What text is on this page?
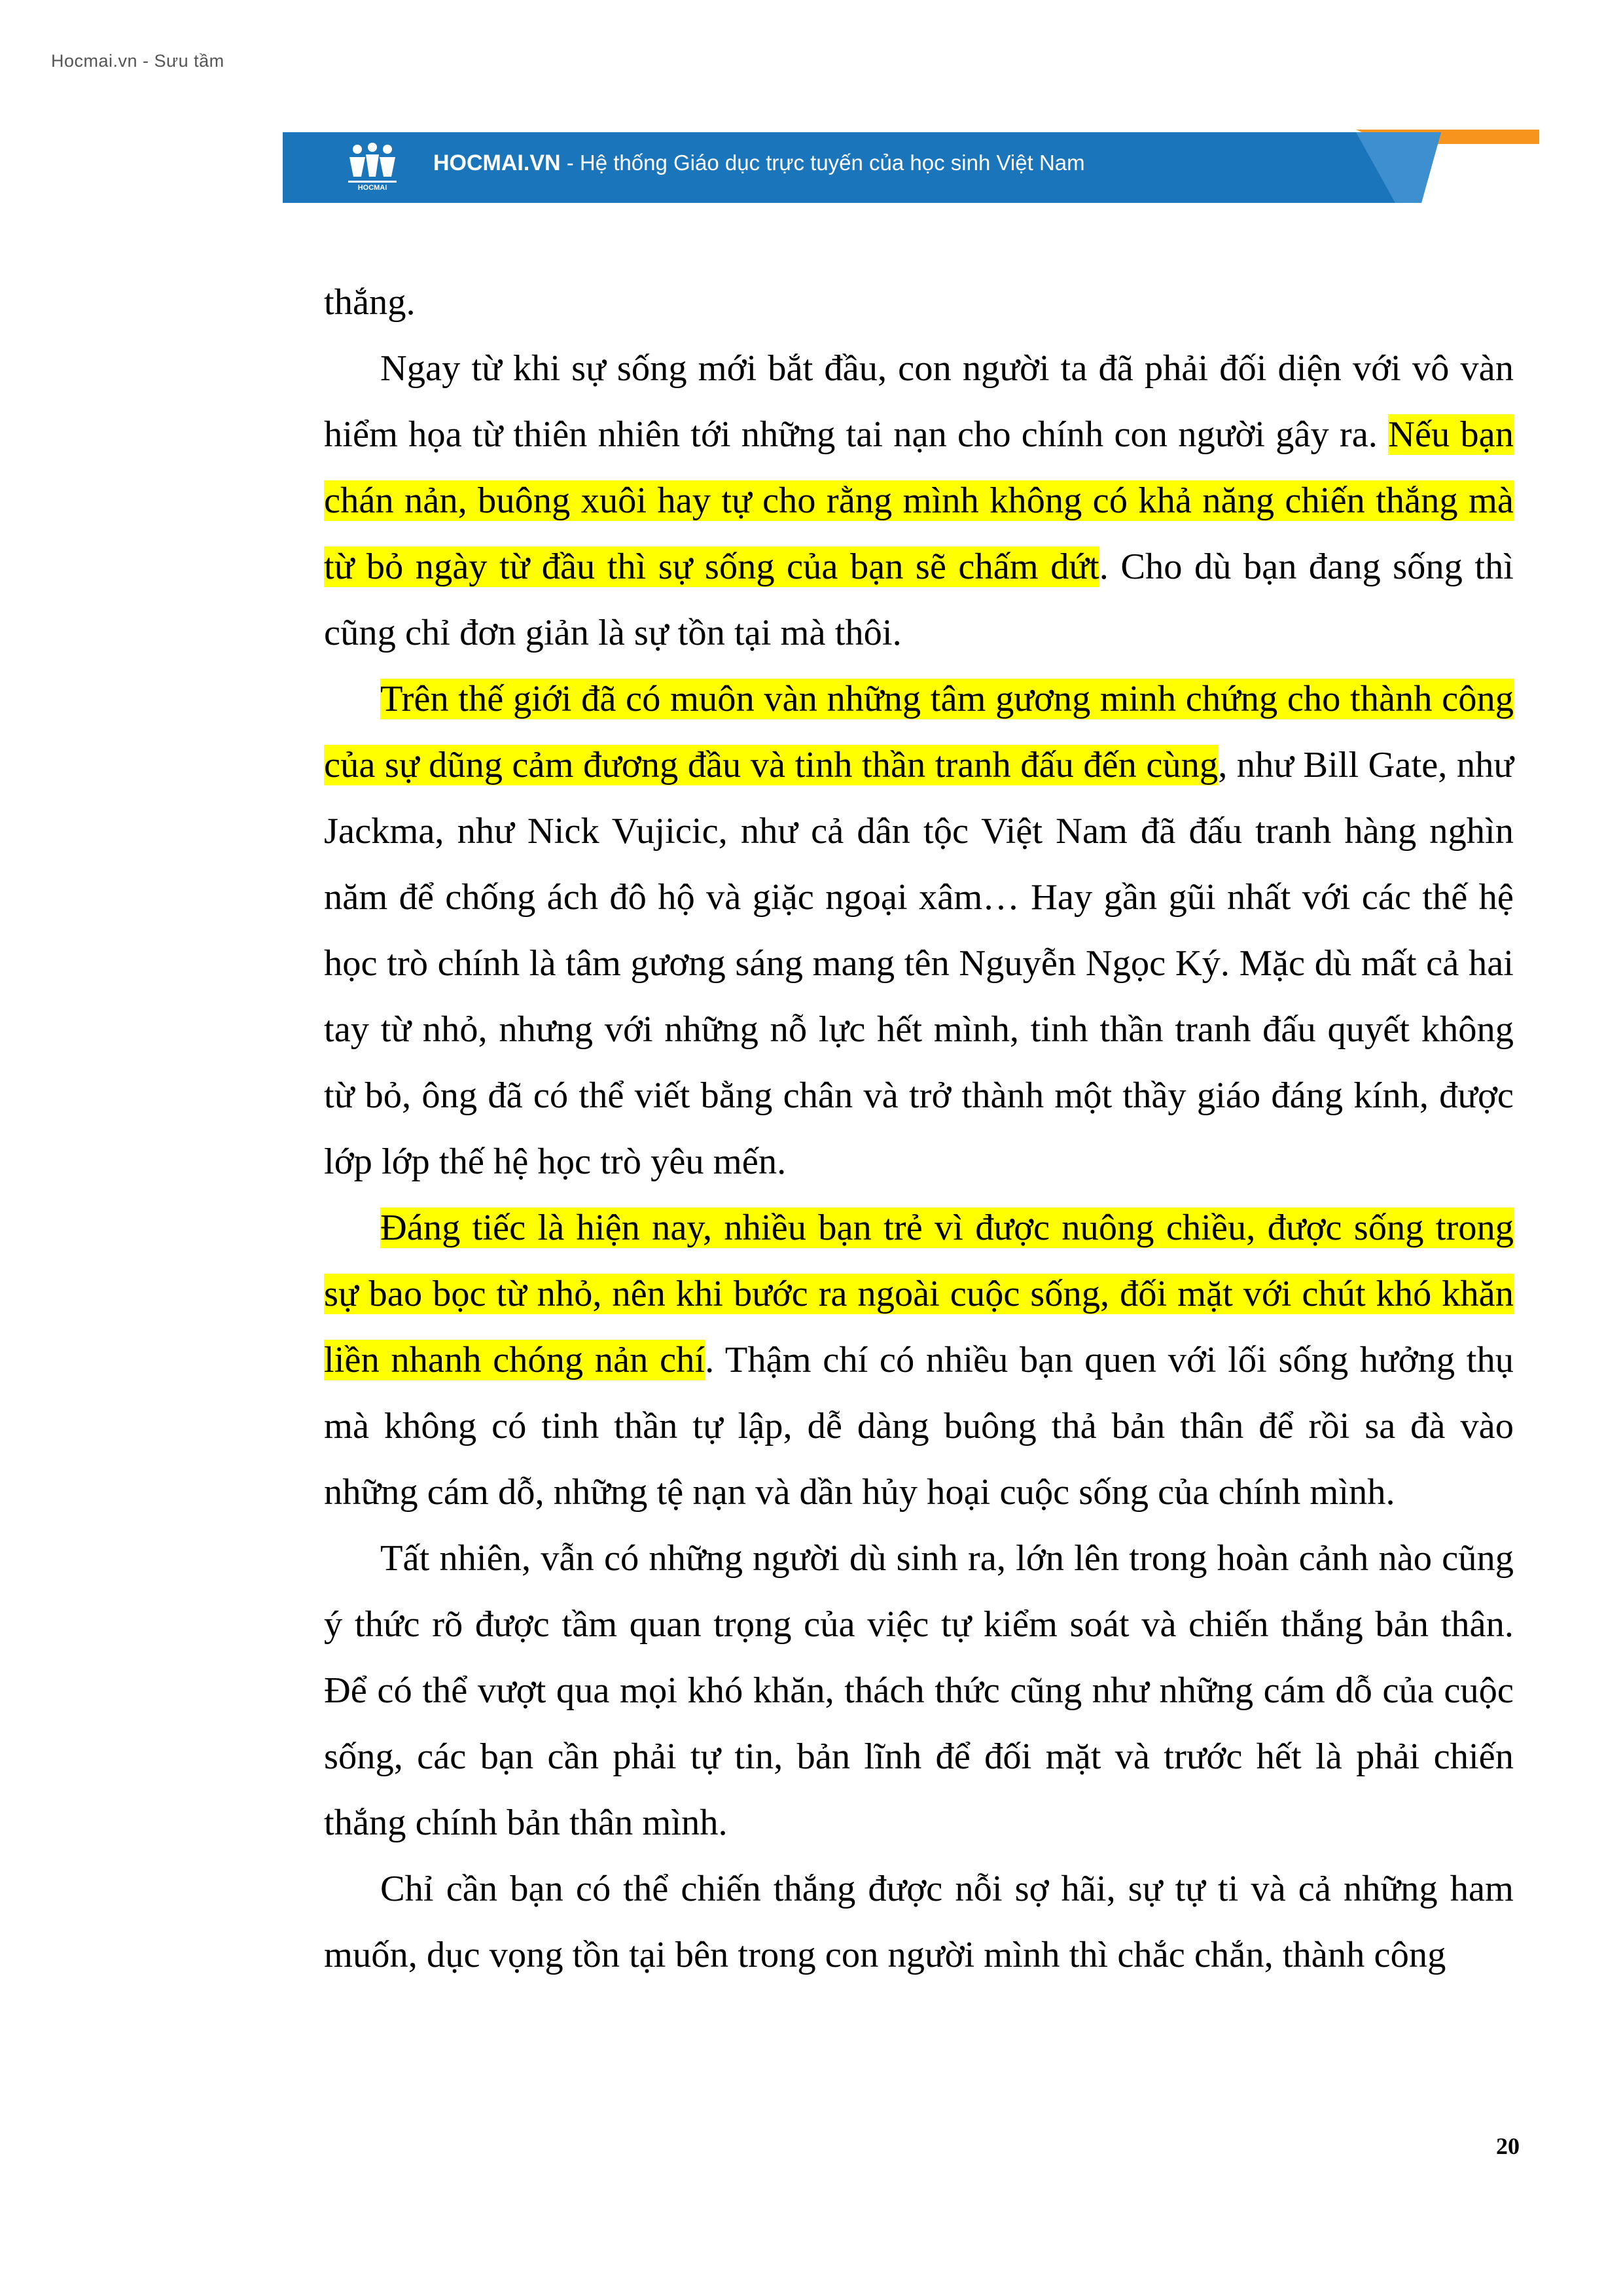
Hocmai.vn - Sưu tầm
HOCMAI
HOCMAI.VN - Hệ thống Giáo dục trực tuyến của học sinh Việt Nam

thắng.

Ngay từ khi sự sống mới bắt đầu, con người ta đã phải đối diện với vô vàn hiểm họa từ thiên nhiên tới những tai nạn cho chính con người gây ra. Nếu bạn chán nản, buông xuôi hay tự cho rằng mình không có khả năng chiến thắng mà từ bỏ ngày từ đầu thì sự sống của bạn sẽ chấm dứt. Cho dù bạn đang sống thì cũng chỉ đơn giản là sự tồn tại mà thôi.

Trên thế giới đã có muôn vàn những tâm gương minh chứng cho thành công của sự dũng cảm đương đầu và tinh thần tranh đấu đến cùng, như Bill Gate, như Jackma, như Nick Vujicic, như cả dân tộc Việt Nam đã đấu tranh hàng nghìn năm để chống ách đô hộ và giặc ngoại xâm… Hay gần gũi nhất với các thế hệ học trò chính là tâm gương sáng mang tên Nguyễn Ngọc Ký. Mặc dù mất cả hai tay từ nhỏ, nhưng với những nỗ lực hết mình, tinh thần tranh đấu quyết không từ bỏ, ông đã có thể viết bằng chân và trở thành một thầy giáo đáng kính, được lớp lớp thế hệ học trò yêu mến.

Đáng tiếc là hiện nay, nhiều bạn trẻ vì được nuông chiều, được sống trong sự bao bọc từ nhỏ, nên khi bước ra ngoài cuộc sống, đối mặt với chút khó khăn liền nhanh chóng nản chí. Thậm chí có nhiều bạn quen với lối sống hưởng thụ mà không có tinh thần tự lập, dễ dàng buông thả bản thân để rồi sa đà vào những cám dỗ, những tệ nạn và dần hủy hoại cuộc sống của chính mình.

Tất nhiên, vẫn có những người dù sinh ra, lớn lên trong hoàn cảnh nào cũng ý thức rõ được tầm quan trọng của việc tự kiểm soát và chiến thắng bản thân. Để có thể vượt qua mọi khó khăn, thách thức cũng như những cám dỗ của cuộc sống, các bạn cần phải tự tin, bản lĩnh để đối mặt và trước hết là phải chiến thắng chính bản thân mình.

Chỉ cần bạn có thể chiến thắng được nỗi sợ hãi, sự tự ti và cả những ham muốn, dục vọng tồn tại bên trong con người mình thì chắc chắn, thành công

20
